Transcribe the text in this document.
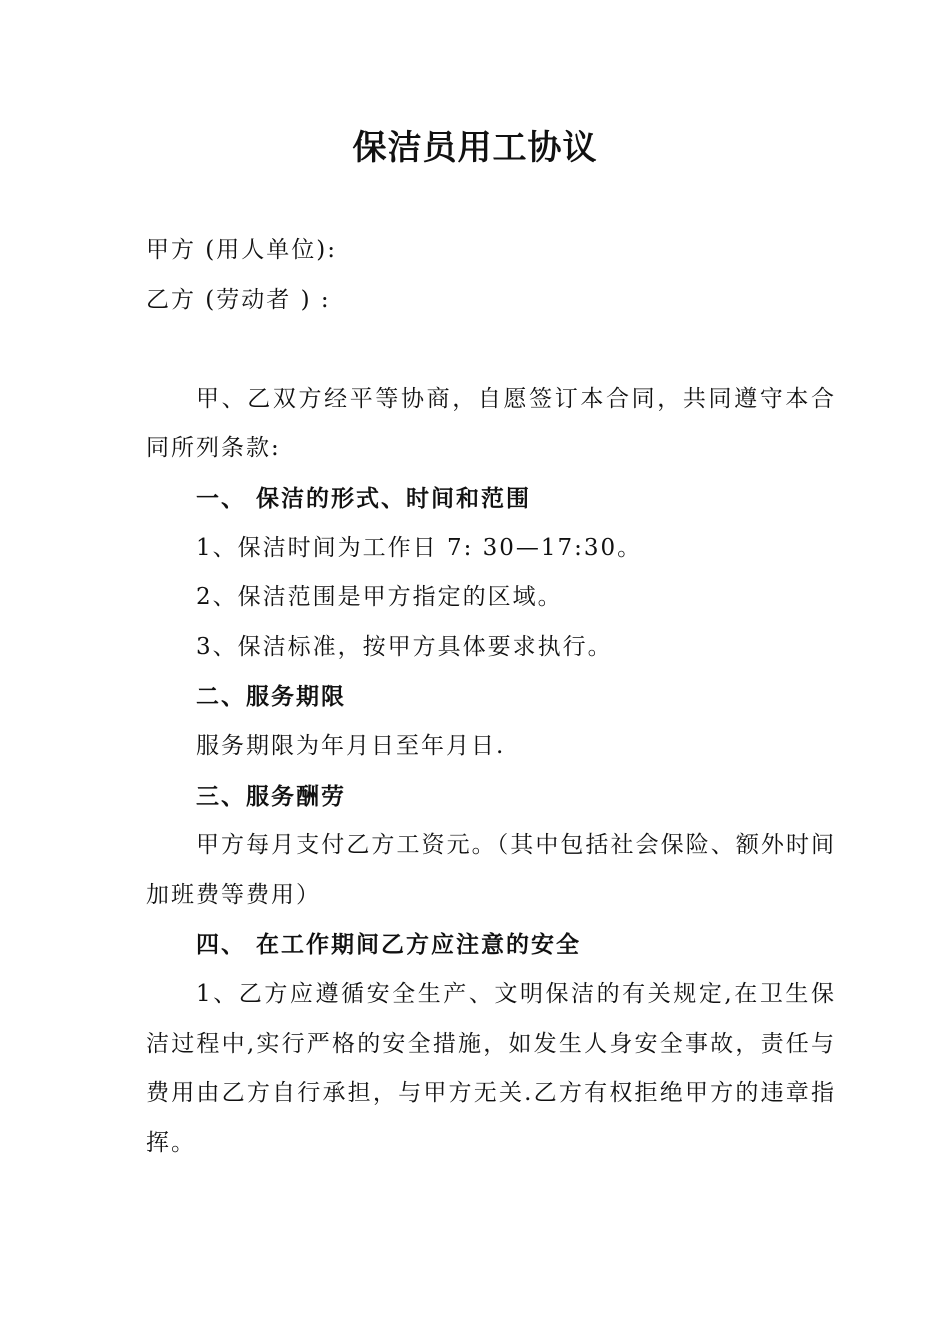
保洁员用工协议

甲方 (用人单位):

乙方 (劳动者 ) :

甲、乙双方经平等协商，自愿签订本合同，共同遵守本合同所列条款:

一、 保洁的形式、时间和范围

1、保洁时间为工作日 7: 30—17:30。

2、保洁范围是甲方指定的区域。

3、保洁标准，按甲方具体要求执行。

二、服务期限

服务期限为年月日至年月日.

三、服务酬劳

甲方每月支付乙方工资元。（其中包括社会保险、额外时间加班费等费用）

四、 在工作期间乙方应注意的安全

1、乙方应遵循安全生产、文明保洁的有关规定,在卫生保洁过程中,实行严格的安全措施，如发生人身安全事故，责任与费用由乙方自行承担，与甲方无关.乙方有权拒绝甲方的违章指挥。
